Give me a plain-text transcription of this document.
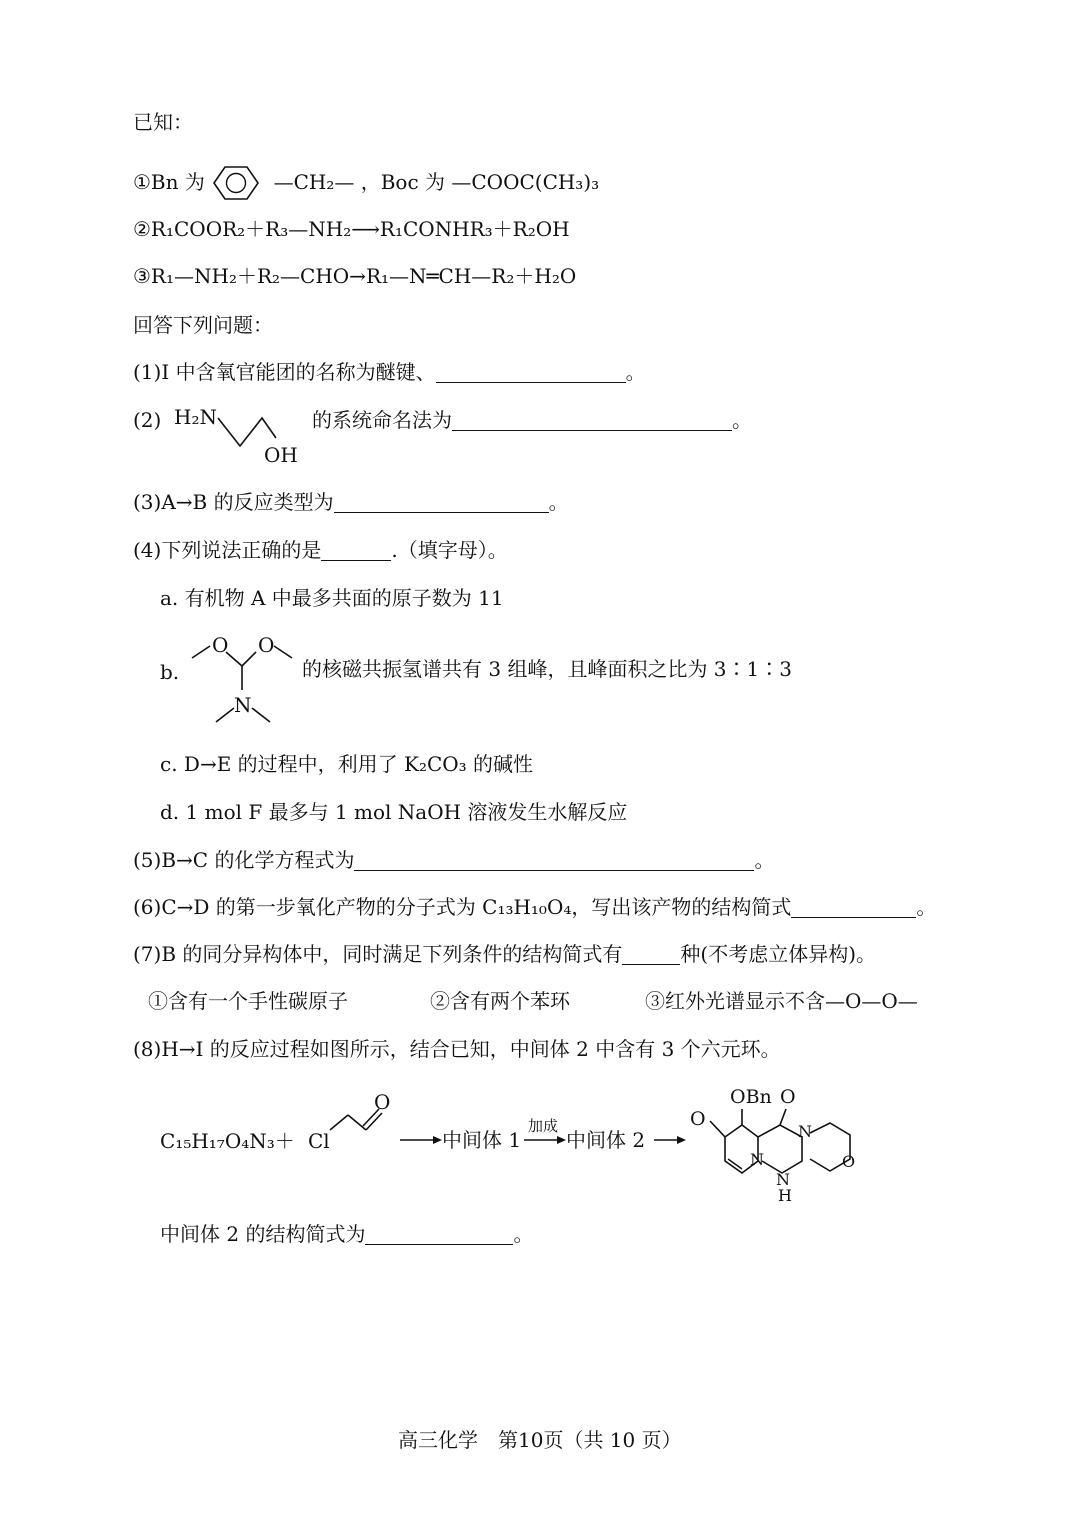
已知：
①Bn 为	—CH₂— ，Boc 为 —COOC(CH₃)₃
②R₁COOR₂＋R₃—NH₂⟶R₁CONHR₃＋R₂OH
③R₁—NH₂＋R₂—CHO→R₁—N═CH—R₂＋H₂O
回答下列问题：
(1)I 中含氧官能团的名称为醚键、	。
(2) H₂N
OH
的系统命名法为	。
(3)A→B 的反应类型为	。
(4)下列说法正确的是	.（填字母）。
a. 有机物 A 中最多共面的原子数为 11
b.
O O
N
的核磁共振氢谱共有 3 组峰，且峰面积之比为 3∶1∶3
c. D→E 的过程中，利用了 K₂CO₃ 的碱性
d. 1 mol F 最多与 1 mol NaOH 溶液发生水解反应
(5)B→C 的化学方程式为	。
(6)C→D 的第一步氧化产物的分子式为 C₁₃H₁₀O₄，写出该产物的结构简式	。
(7)B 的同分异构体中，同时满足下列条件的结构简式有	种(不考虑立体异构)。
①含有一个手性碳原子	②含有两个苯环	③红外光谱显示不含—O—O—
(8)H→I 的反应过程如图所示，结合已知，中间体 2 中含有 3 个六元环。
C₁₅H₁₇O₄N₃＋ Cl
O
中间体 1
加成
中间体 2
OBn O
O
N
N
N
H
O
中间体 2 的结构简式为	。
高三化学　第10页（共 10 页）
